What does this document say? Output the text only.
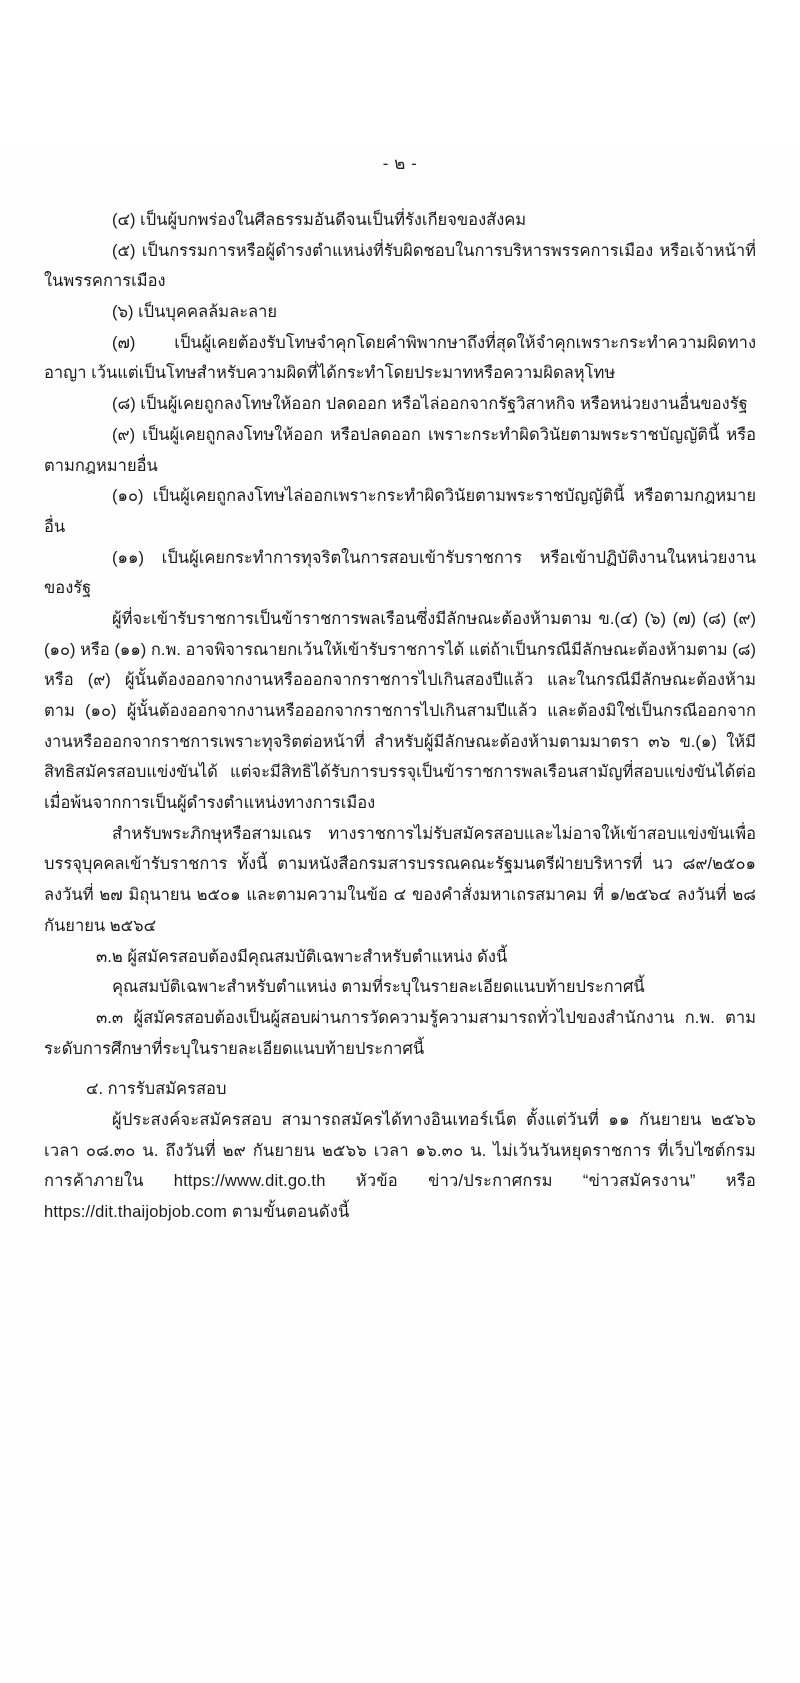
- ๒ -

(๔) เป็นผู้บกพร่องในศีลธรรมอันดีจนเป็นที่รังเกียจของสังคม

(๕) เป็นกรรมการหรือผู้ดำรงตำแหน่งที่รับผิดชอบในการบริหารพรรคการเมือง หรือเจ้าหน้าที่ในพรรคการเมือง

(๖) เป็นบุคคลล้มละลาย

(๗) เป็นผู้เคยต้องรับโทษจำคุกโดยคำพิพากษาถึงที่สุดให้จำคุกเพราะกระทำความผิดทางอาญา เว้นแต่เป็นโทษสำหรับความผิดที่ได้กระทำโดยประมาทหรือความผิดลหุโทษ

(๘) เป็นผู้เคยถูกลงโทษให้ออก ปลดออก หรือไล่ออกจากรัฐวิสาหกิจ หรือหน่วยงานอื่นของรัฐ

(๙) เป็นผู้เคยถูกลงโทษให้ออก หรือปลดออก เพราะกระทำผิดวินัยตามพระราชบัญญัตินี้ หรือตามกฎหมายอื่น

(๑๐) เป็นผู้เคยถูกลงโทษไล่ออกเพราะกระทำผิดวินัยตามพระราชบัญญัตินี้ หรือตามกฎหมายอื่น

(๑๑) เป็นผู้เคยกระทำการทุจริตในการสอบเข้ารับราชการ หรือเข้าปฏิบัติงานในหน่วยงานของรัฐ

ผู้ที่จะเข้ารับราชการเป็นข้าราชการพลเรือนซึ่งมีลักษณะต้องห้ามตาม ข.(๔) (๖) (๗) (๘) (๙) (๑๐) หรือ (๑๑) ก.พ. อาจพิจารณายกเว้นให้เข้ารับราชการได้ แต่ถ้าเป็นกรณีมีลักษณะต้องห้ามตาม (๘) หรือ (๙) ผู้นั้นต้องออกจากงานหรือออกจากราชการไปเกินสองปีแล้ว และในกรณีมีลักษณะต้องห้ามตาม (๑๐) ผู้นั้นต้องออกจากงานหรือออกจากราชการไปเกินสามปีแล้ว และต้องมิใช่เป็นกรณีออกจากงานหรือออกจากราชการเพราะทุจริตต่อหน้าที่ สำหรับผู้มีลักษณะต้องห้ามตามมาตรา ๓๖ ข.(๑) ให้มีสิทธิสมัครสอบแข่งขันได้ แต่จะมีสิทธิได้รับการบรรจุเป็นข้าราชการพลเรือนสามัญที่สอบแข่งขันได้ต่อเมื่อพ้นจากการเป็นผู้ดำรงตำแหน่งทางการเมือง

สำหรับพระภิกษุหรือสามเณร ทางราชการไม่รับสมัครสอบและไม่อาจให้เข้าสอบแข่งขันเพื่อบรรจุบุคคลเข้ารับราชการ ทั้งนี้ ตามหนังสือกรมสารบรรณคณะรัฐมนตรีฝ่ายบริหารที่ นว ๘๙/๒๕๐๑ ลงวันที่ ๒๗ มิถุนายน ๒๕๐๑ และตามความในข้อ ๔ ของคำสั่งมหาเถรสมาคม ที่ ๑/๒๕๖๔ ลงวันที่ ๒๘ กันยายน ๒๕๖๔

๓.๒ ผู้สมัครสอบต้องมีคุณสมบัติเฉพาะสำหรับตำแหน่ง ดังนี้

คุณสมบัติเฉพาะสำหรับตำแหน่ง ตามที่ระบุในรายละเอียดแนบท้ายประกาศนี้

๓.๓ ผู้สมัครสอบต้องเป็นผู้สอบผ่านการวัดความรู้ความสามารถทั่วไปของสำนักงาน ก.พ. ตามระดับการศึกษาที่ระบุในรายละเอียดแนบท้ายประกาศนี้

๔. การรับสมัครสอบ

ผู้ประสงค์จะสมัครสอบ สามารถสมัครได้ทางอินเทอร์เน็ต ตั้งแต่วันที่ ๑๑ กันยายน ๒๕๖๖ เวลา ๐๘.๓๐ น. ถึงวันที่ ๒๙ กันยายน ๒๕๖๖ เวลา ๑๖.๓๐ น. ไม่เว้นวันหยุดราชการ ที่เว็บไซต์กรมการค้าภายใน https://www.dit.go.th หัวข้อ ข่าว/ประกาศกรม “ข่าวสมัครงาน” หรือ https://dit.thaijobjob.com ตามขั้นตอนดังนี้
